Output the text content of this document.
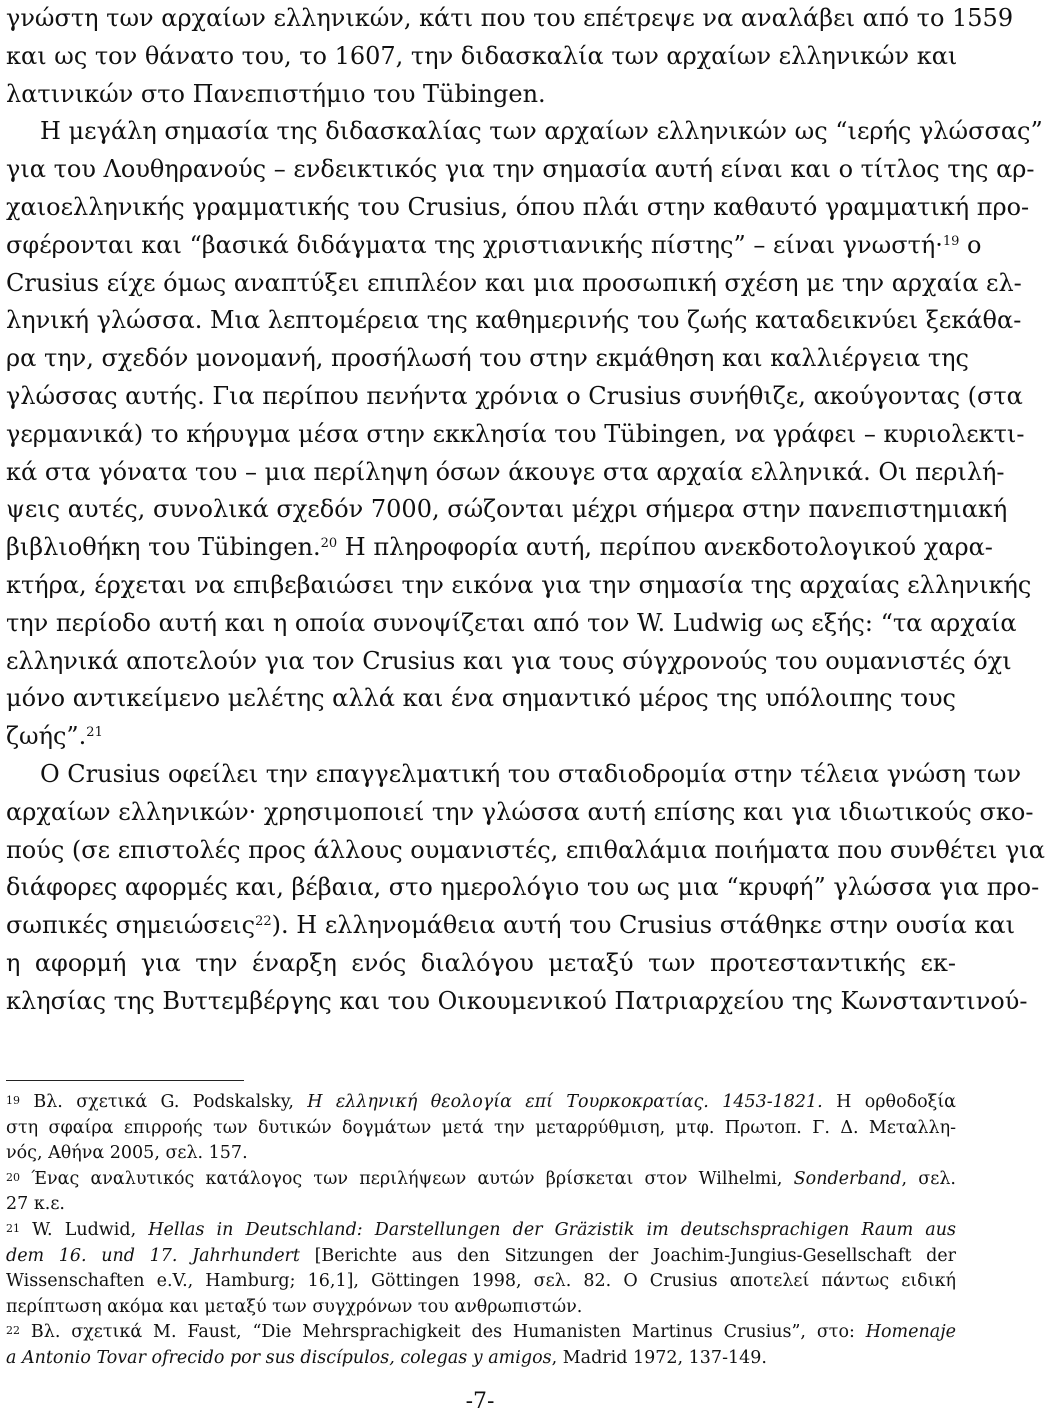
γνώστη των αρχαίων ελληνικών, κάτι που του επέτρεψε να αναλάβει από το 1559
και ως τον θάνατο του, το 1607, την διδασκαλία των αρχαίων ελληνικών και
λατινικών στο Πανεπιστήμιο του Tübingen.
Η μεγάλη σημασία της διδασκαλίας των αρχαίων ελληνικών ως “ιερής γλώσσας”
για του Λουθηρανούς – ενδεικτικός για την σημασία αυτή είναι και ο τίτλος της αρ-
χαιοελληνικής γραμματικής του Crusius, όπου πλάι στην καθαυτό γραμματική προ-
σφέρονται και “βασικά διδάγματα της χριστιανικής πίστης” – είναι γνωστή·$^{19}$ ο
Crusius είχε όμως αναπτύξει επιπλέον και μια προσωπική σχέση με την αρχαία ελ-
ληνική γλώσσα. Μια λεπτομέρεια της καθημερινής του ζωής καταδεικνύει ξεκάθα-
ρα την, σχεδόν μονομανή, προσήλωσή του στην εκμάθηση και καλλιέργεια της
γλώσσας αυτής. Για περίπου πενήντα χρόνια ο Crusius συνήθιζε, ακούγοντας (στα
γερμανικά) το κήρυγμα μέσα στην εκκλησία του Tübingen, να γράφει – κυριολεκτι-
κά στα γόνατα του – μια περίληψη όσων άκουγε στα αρχαία ελληνικά. Οι περιλή-
ψεις αυτές, συνολικά σχεδόν 7000, σώζονται μέχρι σήμερα στην πανεπιστημιακή
βιβλιοθήκη του Tübingen.$^{20}$ Η πληροφορία αυτή, περίπου ανεκδοτολογικού χαρα-
κτήρα, έρχεται να επιβεβαιώσει την εικόνα για την σημασία της αρχαίας ελληνικής
την περίοδο αυτή και η οποία συνοψίζεται από τον W. Ludwig ως εξής: “τα αρχαία
ελληνικά αποτελούν για τον Crusius και για τους σύγχρονούς του ουμανιστές όχι
μόνο αντικείμενο μελέτης αλλά και ένα σημαντικό μέρος της υπόλοιπης τους
ζωής”.$^{21}$
Ο Crusius οφείλει την επαγγελματική του σταδιοδρομία στην τέλεια γνώση των
αρχαίων ελληνικών· χρησιμοποιεί την γλώσσα αυτή επίσης και για ιδιωτικούς σκο-
πούς (σε επιστολές προς άλλους ουμανιστές, επιθαλάμια ποιήματα που συνθέτει για
διάφορες αφορμές και, βέβαια, στο ημερολόγιο του ως μια “κρυφή” γλώσσα για προ-
σωπικές σημειώσεις$^{22}$). Η ελληνομάθεια αυτή του Crusius στάθηκε στην ουσία και
η αφορμή για την έναρξη ενός διαλόγου μεταξύ των προτεσταντικής εκ-
κλησίας της Βυττεμβέργης και του Οικουμενικού Πατριαρχείου της Κωνσταντινού-
$^{19}$ Βλ. σχετικά G. Podskalsky, Η ελληνική θεολογία επί Τουρκοκρατίας. 1453-1821. Η ορθοδοξία
στη σφαίρα επιρροής των δυτικών δογμάτων μετά την μεταρρύθμιση, μτφ. Πρωτοπ. Γ. Δ. Μεταλλη-
νός, Αθήνα 2005, σελ. 157.
$^{20}$ Ένας αναλυτικός κατάλογος των περιλήψεων αυτών βρίσκεται στον Wilhelmi, Sonderband, σελ.
27 κ.ε.
$^{21}$ W. Ludwid, Hellas in Deutschland: Darstellungen der Gräzistik im deutschsprachigen Raum aus
dem 16. und 17. Jahrhundert [Berichte aus den Sitzungen der Joachim-Jungius-Gesellschaft der
Wissenschaften e.V., Hamburg; 16,1], Göttingen 1998, σελ. 82. Ο Crusius αποτελεί πάντως ειδική
περίπτωση ακόμα και μεταξύ των συγχρόνων του ανθρωπιστών.
$^{22}$ Βλ. σχετικά M. Faust, “Die Mehrsprachigkeit des Humanisten Martinus Crusius”, στο: Homenaje
a Antonio Tovar ofrecido por sus discípulos, colegas y amigos, Madrid 1972, 137-149.
-7-
